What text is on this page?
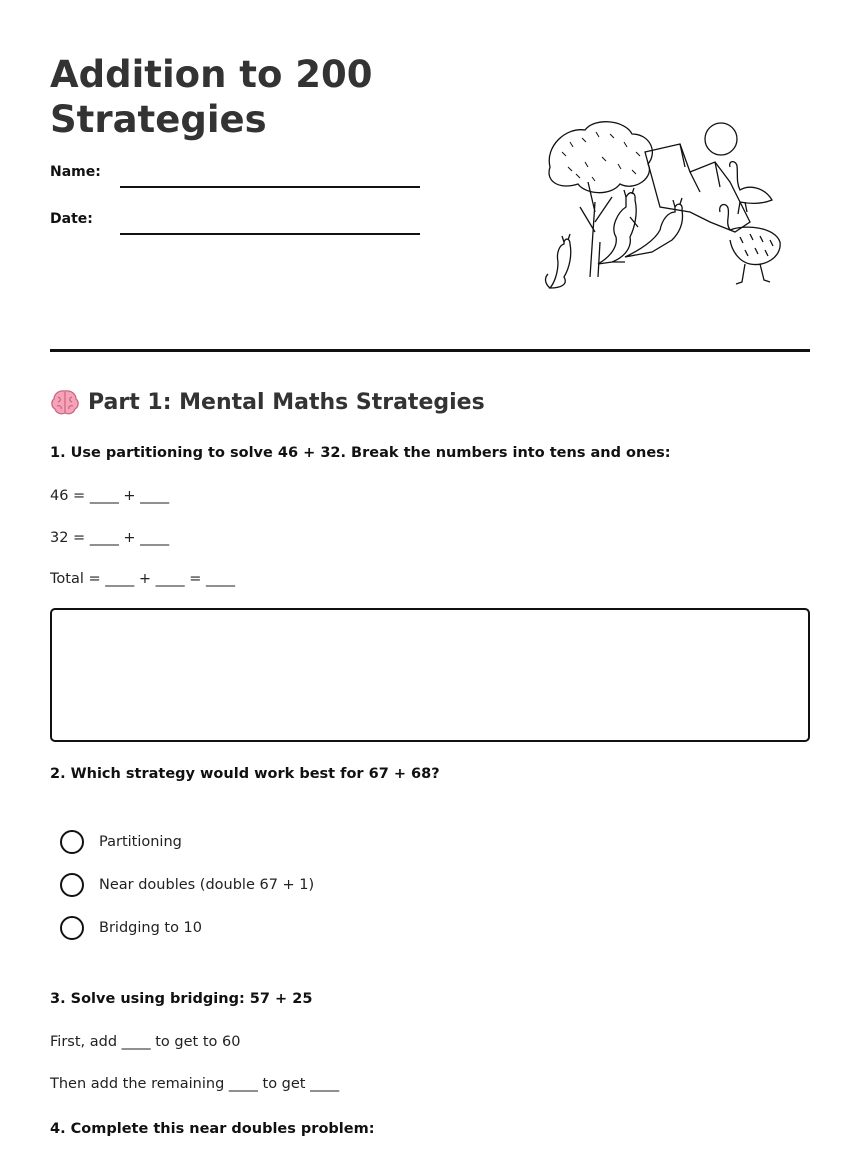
Addition to 200 Strategies
Name:
Date:
Part 1: Mental Maths Strategies

1. Use partitioning to solve 46 + 32. Break the numbers into tens and ones:

46 = ____ + ____

32 = ____ + ____

Total = ____ + ____ = ____

2. Which strategy would work best for 67 + 68?

Partitioning
Near doubles (double 67 + 1)
Bridging to 10

3. Solve using bridging: 57 + 25

First, add ____ to get to 60

Then add the remaining ____ to get ____

4. Complete this near doubles problem:
